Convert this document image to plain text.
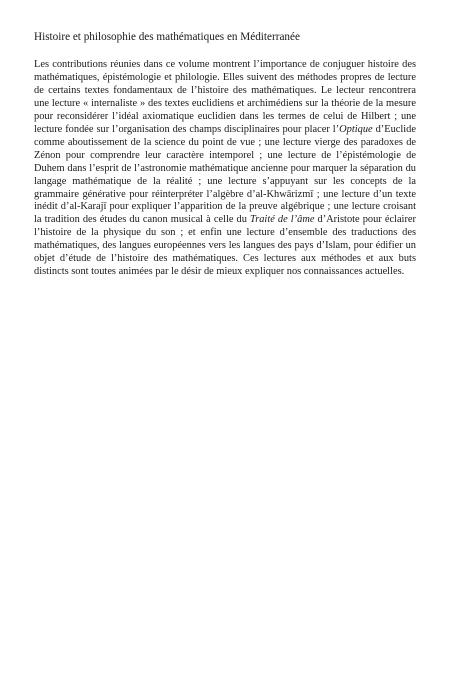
Histoire et philosophie des mathématiques en Méditerranée

Les contributions réunies dans ce volume montrent l’importance de conjuguer histoire des mathématiques, épistémologie et philologie. Elles suivent des méthodes propres de lecture de certains textes fondamentaux de l’histoire des mathématiques. Le lecteur rencontrera une lecture « internaliste » des textes euclidiens et archimédiens sur la théorie de la mesure pour reconsidérer l’idéal axiomatique euclidien dans les termes de celui de Hilbert ; une lecture fondée sur l’organisation des champs disciplinaires pour placer l’Optique d’Euclide comme aboutissement de la science du point de vue ; une lecture vierge des paradoxes de Zénon pour comprendre leur caractère intemporel ; une lecture de l’épistémologie de Duhem dans l’esprit de l’astronomie mathématique ancienne pour marquer la séparation du langage mathématique de la réalité ; une lecture s’appuyant sur les concepts de la grammaire générative pour réinterpréter l’algèbre d’al-Khwārizmī ; une lecture d’un texte inédit d’al-Karajī pour expliquer l’apparition de la preuve algébrique ; une lecture croisant la tradition des études du canon musical à celle du Traité de l’âme d’Aristote pour éclairer l’histoire de la physique du son ; et enfin une lecture d’ensemble des traductions des mathématiques, des langues européennes vers les langues des pays d’Islam, pour édifier un objet d’étude de l’histoire des mathématiques. Ces lectures aux méthodes et aux buts distincts sont toutes animées par le désir de mieux expliquer nos connaissances actuelles.
